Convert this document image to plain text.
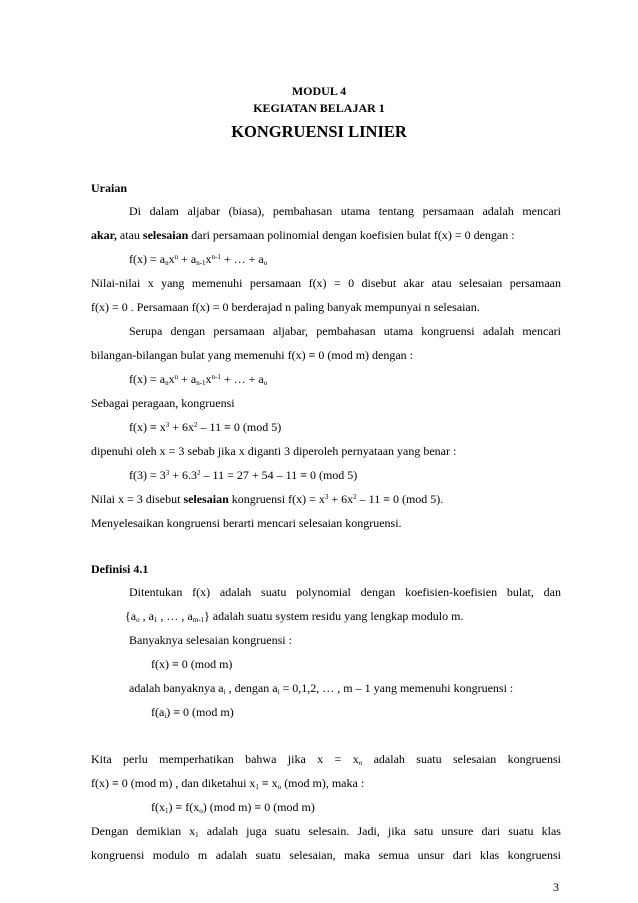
MODUL 4
KEGIATAN BELAJAR 1
KONGRUENSI LINIER
Uraian
Di dalam aljabar (biasa), pembahasan utama tentang persamaan adalah mencari
akar, atau selesaian dari persamaan polinomial dengan koefisien bulat f(x) = 0 dengan :
$f(x) = a_nx^n + a_{n-1}x^{n-1}$ + … + $a_o$
Nilai-nilai x yang memenuhi persamaan f(x) = 0 disebut akar atau selesaian persamaan
f(x) = 0 . Persamaan f(x) = 0 berderajad n paling banyak mempunyai n selesaian.
Serupa dengan persamaan aljabar, pembahasan utama kongruensi adalah mencari
bilangan-bilangan bulat yang memenuhi f(x) ≡ 0 (mod m) dengan :
$f(x) = a_nx^n + a_{n-1}x^{n-1}$ + … + $a_o$
Sebagai peragaan, kongruensi
$f(x) \equiv x^3 + 6x^2 - 11 \equiv 0$ (mod 5)
dipenuhi oleh x = 3 sebab jika x diganti 3 diperoleh pernyataan yang benar :
$f(3) = 3^3 + 6.3^2 - 11 = 27 + 54 - 11 \equiv 0$ (mod 5)
Nilai x = 3 disebut selesaian kongruensi $f(x) = x^3 + 6x^2 - 11 \equiv 0$ (mod 5).
Menyelesaikan kongruensi berarti mencari selesaian kongruensi.
Definisi 4.1
Ditentukan f(x) adalah suatu polynomial dengan koefisien-koefisien bulat, dan
{$a_o$ , $a_1$ , … , $a_{m-1}$} adalah suatu system residu yang lengkap modulo m.
Banyaknya selesaian kongruensi :
f(x) ≡ 0 (mod m)
adalah banyaknya $a_i$ , dengan $a_i = 0,1,2$, … , m – 1 yang memenuhi kongruensi :
$f(a_i) \equiv 0$ (mod m)
Kita perlu memperhatikan bahwa jika $x = x_o$ adalah suatu selesaian kongruensi
f(x) ≡ 0 (mod m) , dan diketahui $x_1 \equiv x_o$ (mod m), maka :
$f(x_1) \equiv f(x_o)$ (mod m) ≡ 0 (mod m)
Dengan demikian $x_1$ adalah juga suatu selesain. Jadi, jika satu unsure dari suatu klas
kongruensi modulo m adalah suatu selesaian, maka semua unsur dari klas kongruensi
3
